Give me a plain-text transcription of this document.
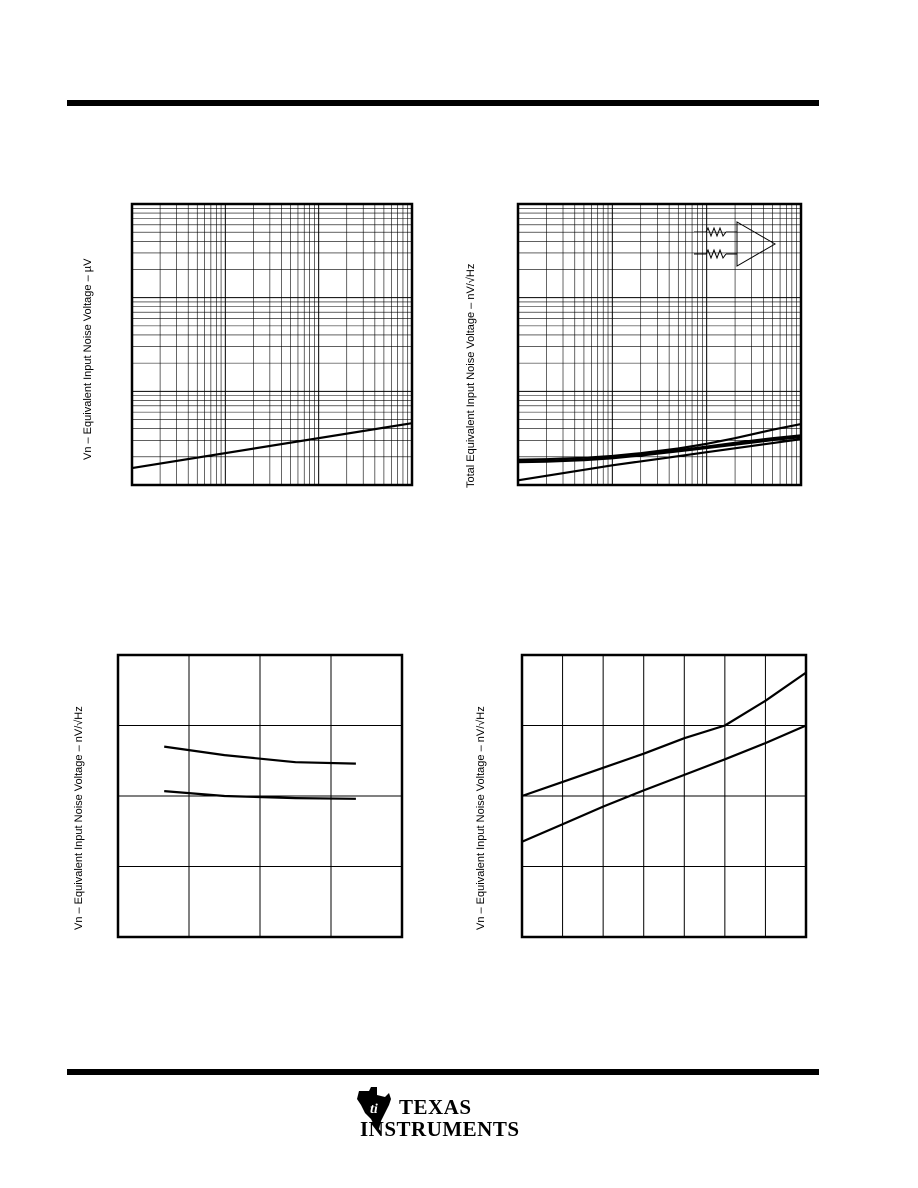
Vn – Equivalent Input Noise Voltage – µV	Total Equivalent Input Noise Voltage – nV/√Hz
Vn – Equivalent Input Noise Voltage – nV/√Hz	Vn – Equivalent Input Noise Voltage – nV/√Hz
ti TEXAS
INSTRUMENTS
